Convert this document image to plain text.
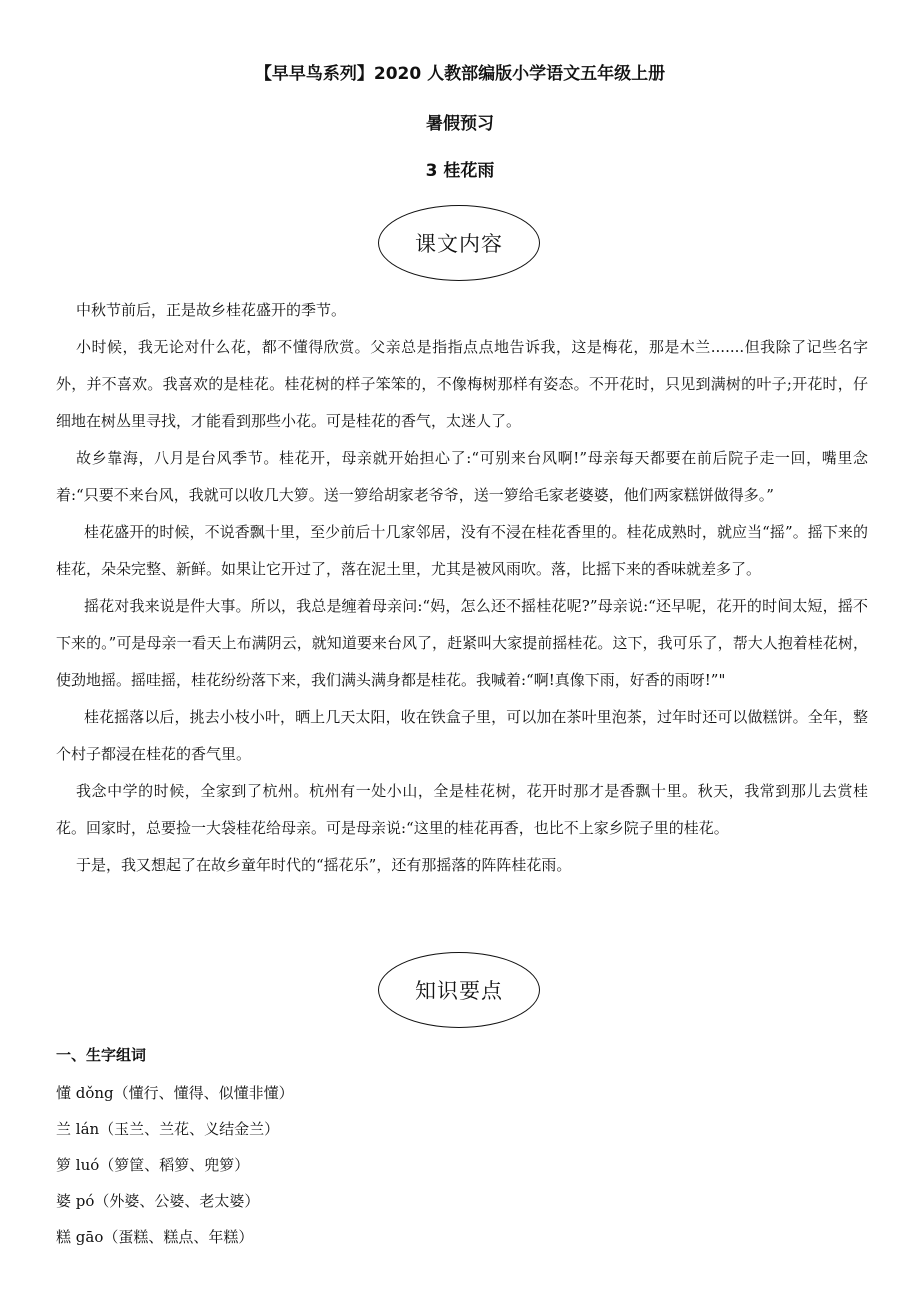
【早早鸟系列】2020 人教部编版小学语文五年级上册
暑假预习
3 桂花雨
课文内容

中秋节前后，正是故乡桂花盛开的季节。

小时候，我无论对什么花，都不懂得欣赏。父亲总是指指点点地告诉我，这是梅花，那是木兰.......但我除了记些名字外，并不喜欢。我喜欢的是桂花。桂花树的样子笨笨的，不像梅树那样有姿态。不开花时，只见到满树的叶子;开花时，仔细地在树丛里寻找，才能看到那些小花。可是桂花的香气，太迷人了。

故乡靠海，八月是台风季节。桂花开，母亲就开始担心了:“可别来台风啊!”母亲每天都要在前后院子走一回，嘴里念着:“只要不来台风，我就可以收几大箩。送一箩给胡家老爷爷，送一箩给毛家老婆婆，他们两家糕饼做得多。”

桂花盛开的时候，不说香飘十里，至少前后十几家邻居，没有不浸在桂花香里的。桂花成熟时，就应当“摇”。摇下来的桂花，朵朵完整、新鲜。如果让它开过了，落在泥土里，尤其是被风雨吹。落，比摇下来的香味就差多了。

摇花对我来说是件大事。所以，我总是缠着母亲问:“妈，怎么还不摇桂花呢?”母亲说:“还早呢，花开的时间太短，摇不下来的。”可是母亲一看天上布满阴云，就知道要来台风了，赶紧叫大家提前摇桂花。这下，我可乐了，帮大人抱着桂花树，使劲地摇。摇哇摇，桂花纷纷落下来，我们满头满身都是桂花。我喊着:“啊!真像下雨，好香的雨呀!”"

桂花摇落以后，挑去小枝小叶，晒上几天太阳，收在铁盒子里，可以加在茶叶里泡茶，过年时还可以做糕饼。全年，整个村子都浸在桂花的香气里。

我念中学的时候，全家到了杭州。杭州有一处小山，全是桂花树，花开时那才是香飘十里。秋天，我常到那儿去赏桂花。回家时，总要捡一大袋桂花给母亲。可是母亲说:“这里的桂花再香，也比不上家乡院子里的桂花。

于是，我又想起了在故乡童年时代的“摇花乐”，还有那摇落的阵阵桂花雨。

知识要点
一、生字组词
懂 dǒng（懂行、懂得、似懂非懂）
兰 lán（玉兰、兰花、义结金兰）
箩 luó（箩筐、稻箩、兜箩）
婆 pó（外婆、公婆、老太婆）
糕 gāo（蛋糕、糕点、年糕）
